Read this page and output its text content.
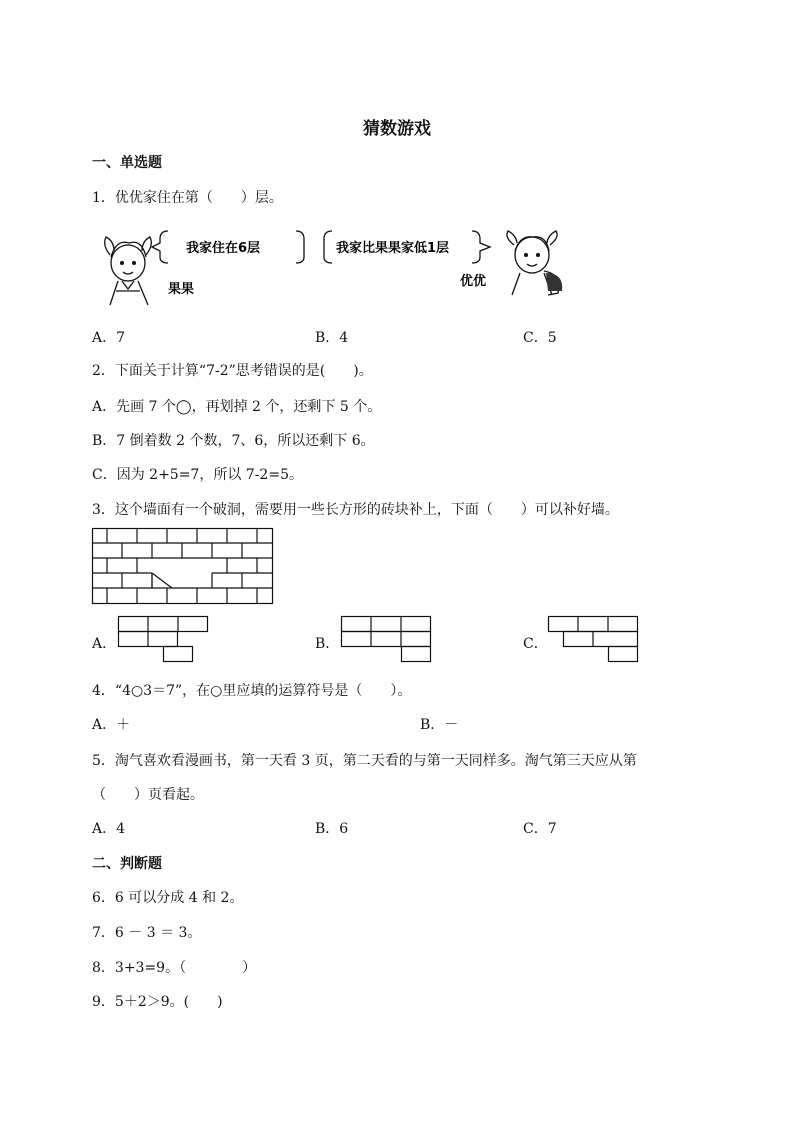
猜数游戏
一、单选题
1．优优家住在第（　　）层。
我家住在6层
果果
我家比果果家低1层
优优
A．7	B．4	C．5
2．下面关于计算“7-2”思考错误的是(　　)。
A．先画 7 个◯，再划掉 2 个，还剩下 5 个。
B．7 倒着数 2 个数，7、6，所以还剩下 6。
C．因为 2+5=7，所以 7-2=5。
3．这个墙面有一个破洞，需要用一些长方形的砖块补上，下面（　　）可以补好墙。
A．	B．	C．
4．“4○3＝7”，在○里应填的运算符号是（　　）。
A．＋	B．－
5．淘气喜欢看漫画书，第一天看 3 页，第二天看的与第一天同样多。淘气第三天应从第
（　　）页看起。
A．4	B．6	C．7
二、判断题
6．6 可以分成 4 和 2。
7．6 － 3 ＝ 3。
8．3+3=9。（　　　　）
9．5＋2＞9。(　　)
